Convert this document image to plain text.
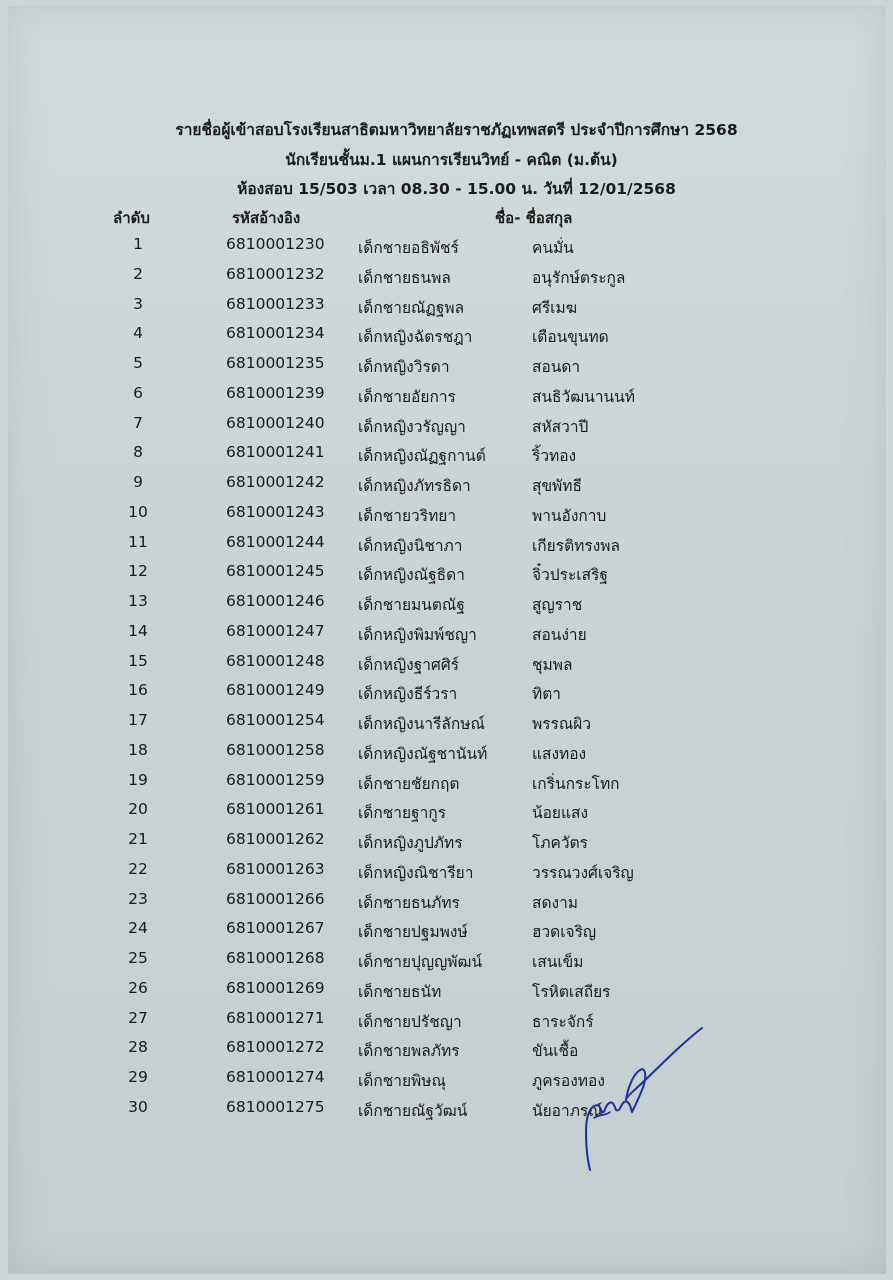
รายชื่อผู้เข้าสอบโรงเรียนสาธิตมหาวิทยาลัยราชภัฏเทพสตรี ประจำปีการศึกษา 2568
นักเรียนชั้นม.1 แผนการเรียนวิทย์ - คณิต (ม.ต้น)
ห้องสอบ 15/503 เวลา 08.30 - 15.00 น. วันที่ 12/01/2568
ลำดับ	รหัสอ้างอิง	ชื่อ- ชื่อสกุล
1	6810001230 เด็กชายอธิพัชร์	คนมั่น
2	6810001232 เด็กชายธนพล	อนุรักษ์ตระกูล
3	6810001233 เด็กชายณัฏฐพล	ศรีเมฆ
4	6810001234 เด็กหญิงฉัตรชฎา	เตือนขุนทด
5	6810001235 เด็กหญิงวิรดา	สอนดา
6	6810001239 เด็กชายอัยการ	สนธิวัฒนานนท์
7	6810001240 เด็กหญิงวรัญญา	สหัสวาปี
8	6810001241 เด็กหญิงณัฏฐกานต์	ริ้วทอง
9	6810001242 เด็กหญิงภัทรธิดา	สุขพัทธี
10	6810001243 เด็กชายวริทยา	พานอังกาบ
11	6810001244 เด็กหญิงนิชาภา	เกียรติทรงพล
12	6810001245 เด็กหญิงณัฐธิดา	จิ๋วประเสริฐ
13	6810001246 เด็กชายมนตณัฐ	สูญราช
14	6810001247 เด็กหญิงพิมพ์ชญา	สอนง่าย
15	6810001248 เด็กหญิงฐาศศิร์	ชุมพล
16	6810001249 เด็กหญิงธีร์วรา	ทิตา
17	6810001254 เด็กหญิงนารีลักษณ์	พรรณผิว
18	6810001258 เด็กหญิงณัฐชานันท์	แสงทอง
19	6810001259 เด็กชายชัยกฤต	เกริ่นกระโทก
20	6810001261 เด็กชายฐากูร	น้อยแสง
21	6810001262 เด็กหญิงภูปภัทร	โภควัตร
22	6810001263 เด็กหญิงณิชารียา	วรรณวงศ์เจริญ
23	6810001266 เด็กชายธนภัทร	สดงาม
24	6810001267 เด็กชายปฐมพงษ์	ฮวดเจริญ
25	6810001268 เด็กชายปุญญพัฒน์	เสนเข็ม
26	6810001269 เด็กชายธนัท	โรหิตเสถียร
27	6810001271 เด็กชายปรัชญา	ธาระจักร์
28	6810001272 เด็กชายพลภัทร	ขันเชื้อ
29	6810001274 เด็กชายพิษณุ	ภูครองทอง
30	6810001275 เด็กชายณัฐวัฒน์	นัยอาภรณ์
